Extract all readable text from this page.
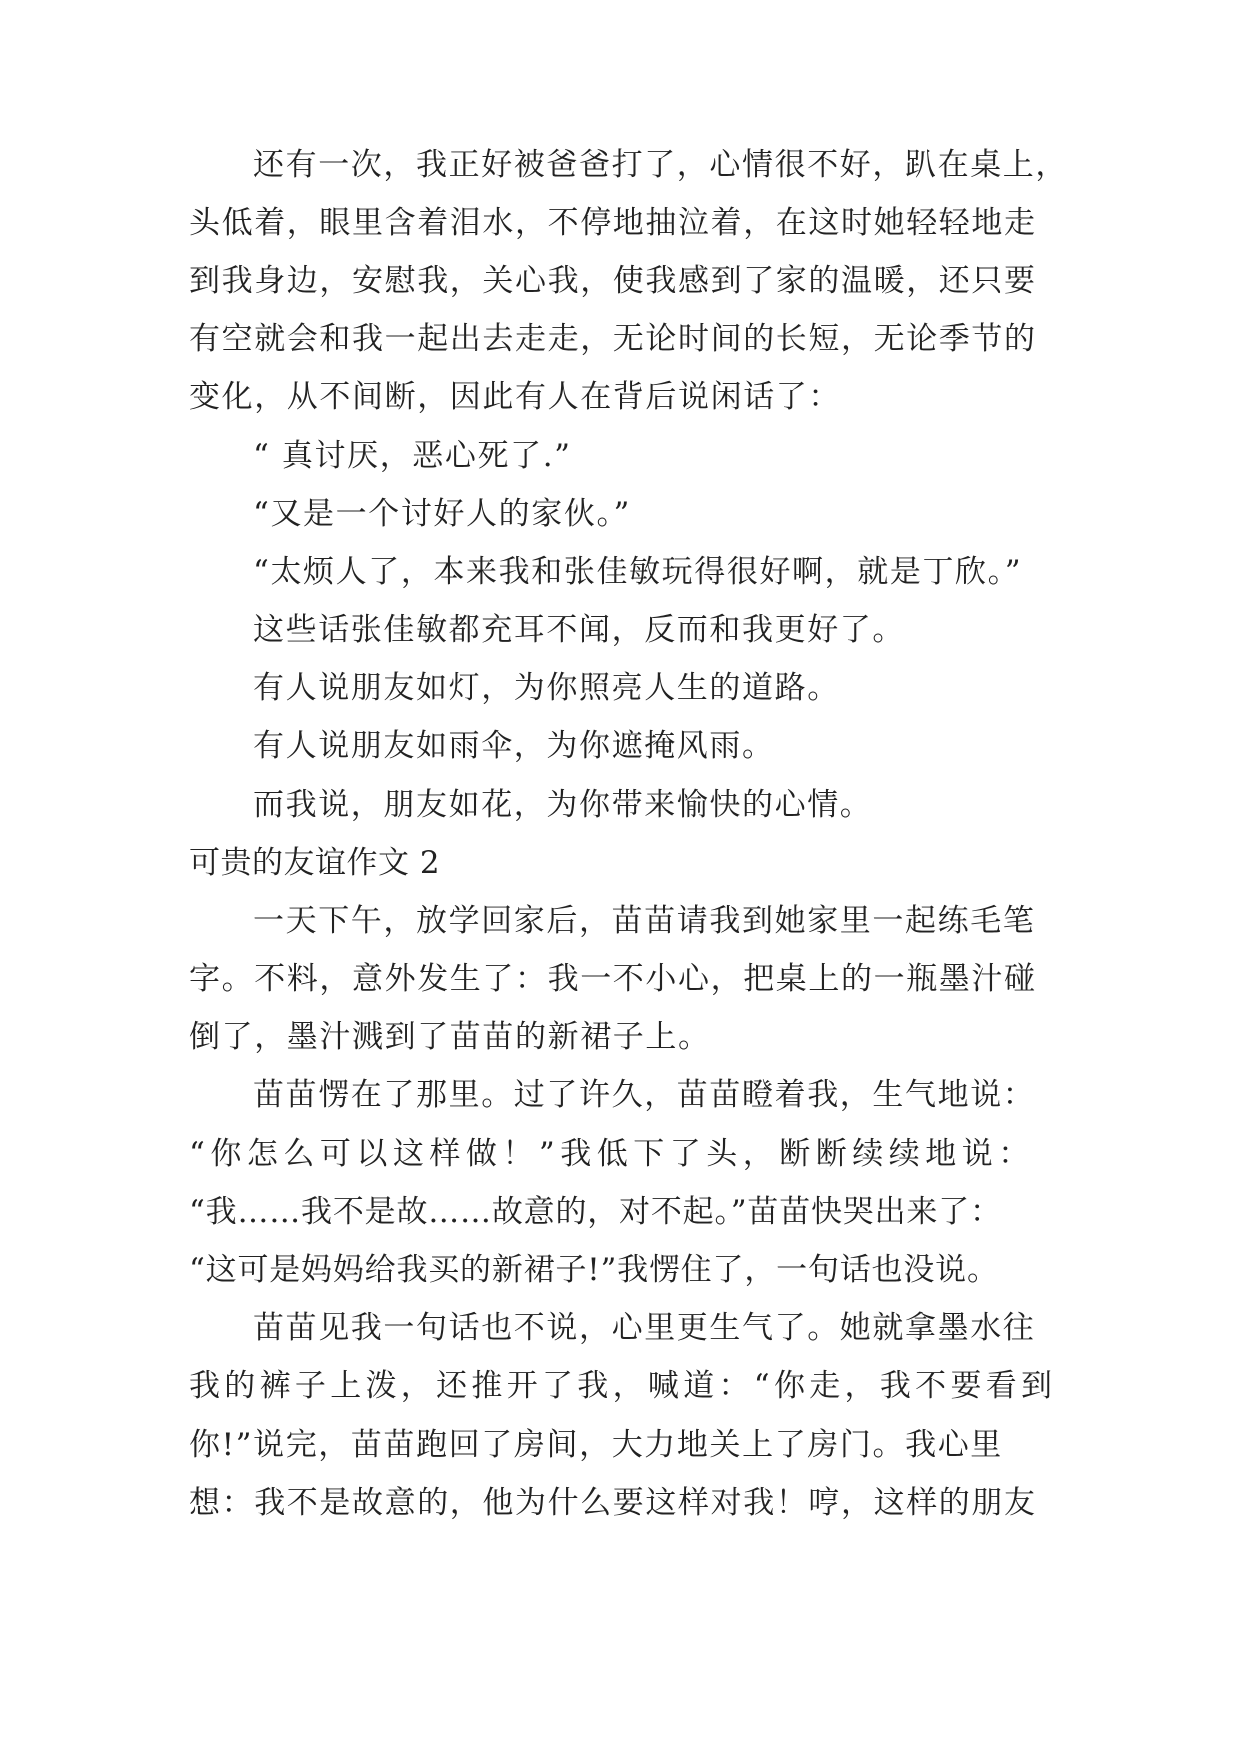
还有一次，我正好被爸爸打了，心情很不好，趴在桌上，
头低着，眼里含着泪水，不停地抽泣着，在这时她轻轻地走
到我身边，安慰我，关心我，使我感到了家的温暖，还只要
有空就会和我一起出去走走，无论时间的长短，无论季节的
变化，从不间断，因此有人在背后说闲话了：
“ 真讨厌，恶心死了.”
“又是一个讨好人的家伙。”
“太烦人了，本来我和张佳敏玩得很好啊，就是丁欣。”
这些话张佳敏都充耳不闻，反而和我更好了。
有人说朋友如灯，为你照亮人生的道路。
有人说朋友如雨伞，为你遮掩风雨。
而我说，朋友如花，为你带来愉快的心情。
可贵的友谊作文 2
一天下午，放学回家后，苗苗请我到她家里一起练毛笔
字。不料，意外发生了：我一不小心，把桌上的一瓶墨汁碰
倒了，墨汁溅到了苗苗的新裙子上。
苗苗愣在了那里。过了许久，苗苗瞪着我，生气地说：
“你怎么可以这样做！”我低下了头，断断续续地说：
“我……我不是故……故意的，对不起。”苗苗快哭出来了：
“这可是妈妈给我买的新裙子!”我愣住了，一句话也没说。
苗苗见我一句话也不说，心里更生气了。她就拿墨水往
我的裤子上泼，还推开了我，喊道：“你走，我不要看到
你!”说完，苗苗跑回了房间，大力地关上了房门。我心里
想：我不是故意的，他为什么要这样对我！哼，这样的朋友
